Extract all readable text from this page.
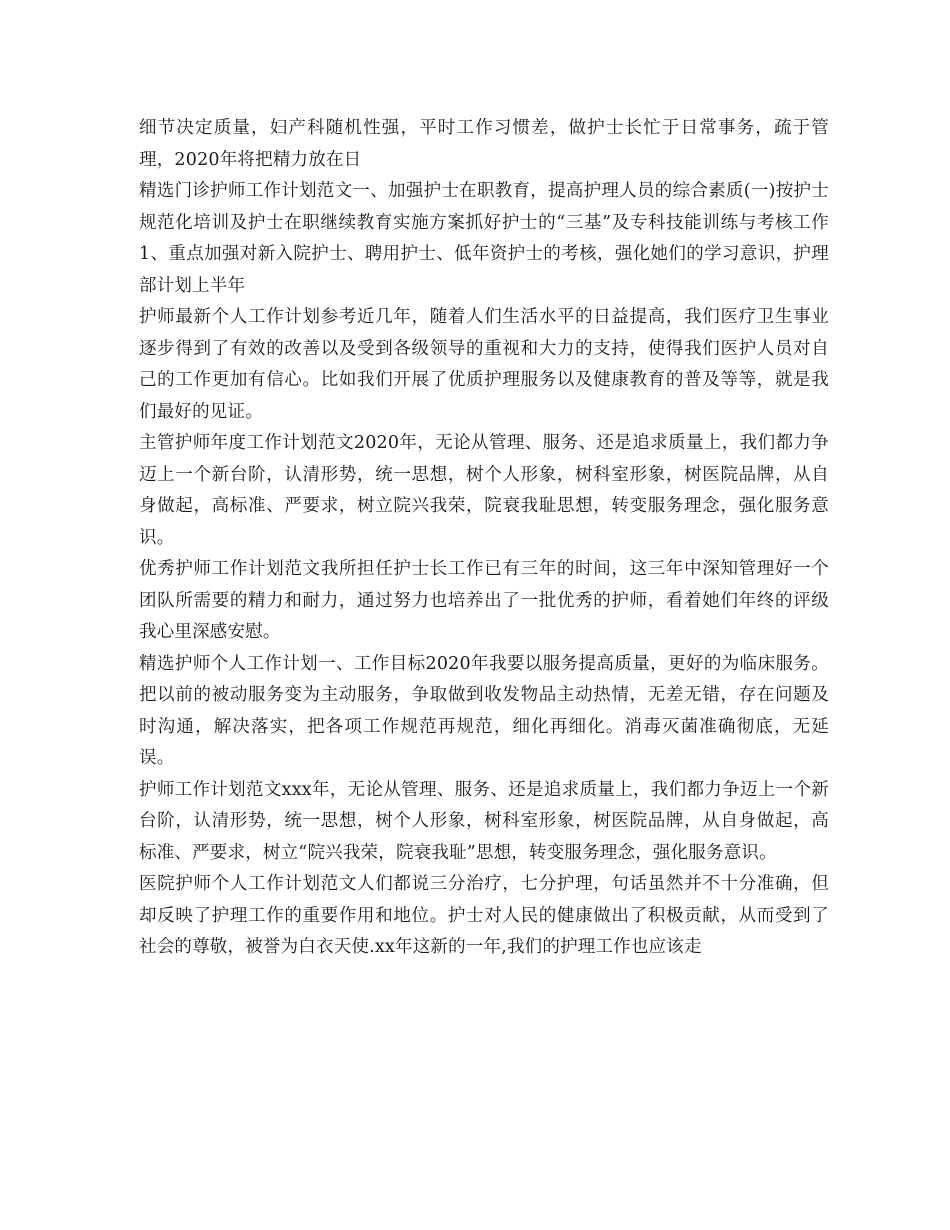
细节决定质量，妇产科随机性强，平时工作习惯差，做护士长忙于日常事务，疏于管理，2020年将把精力放在日

精选门诊护师工作计划范文一、加强护士在职教育，提高护理人员的综合素质(一)按护士规范化培训及护士在职继续教育实施方案抓好护士的“三基”及专科技能训练与考核工作1、重点加强对新入院护士、聘用护士、低年资护士的考核，强化她们的学习意识，护理部计划上半年

护师最新个人工作计划参考近几年，随着人们生活水平的日益提高，我们医疗卫生事业逐步得到了有效的改善以及受到各级领导的重视和大力的支持，使得我们医护人员对自己的工作更加有信心。比如我们开展了优质护理服务以及健康教育的普及等等，就是我们最好的见证。

主管护师年度工作计划范文2020年，无论从管理、服务、还是追求质量上，我们都力争迈上一个新台阶，认清形势，统一思想，树个人形象，树科室形象，树医院品牌，从自身做起，高标准、严要求，树立院兴我荣，院衰我耻思想，转变服务理念，强化服务意识。

优秀护师工作计划范文我所担任护士长工作已有三年的时间，这三年中深知管理好一个团队所需要的精力和耐力，通过努力也培养出了一批优秀的护师，看着她们年终的评级我心里深感安慰。

精选护师个人工作计划一、工作目标2020年我要以服务提高质量，更好的为临床服务。把以前的被动服务变为主动服务，争取做到收发物品主动热情，无差无错，存在问题及时沟通，解决落实，把各项工作规范再规范，细化再细化。消毒灭菌准确彻底，无延误。

护师工作计划范文xxx年，无论从管理、服务、还是追求质量上，我们都力争迈上一个新台阶，认清形势，统一思想，树个人形象，树科室形象，树医院品牌，从自身做起，高标准、严要求，树立“院兴我荣，院衰我耻”思想，转变服务理念，强化服务意识。

医院护师个人工作计划范文人们都说三分治疗，七分护理，句话虽然并不十分准确，但却反映了护理工作的重要作用和地位。护士对人民的健康做出了积极贡献，从而受到了社会的尊敬，被誉为白衣天使.xx年这新的一年,我们的护理工作也应该走
